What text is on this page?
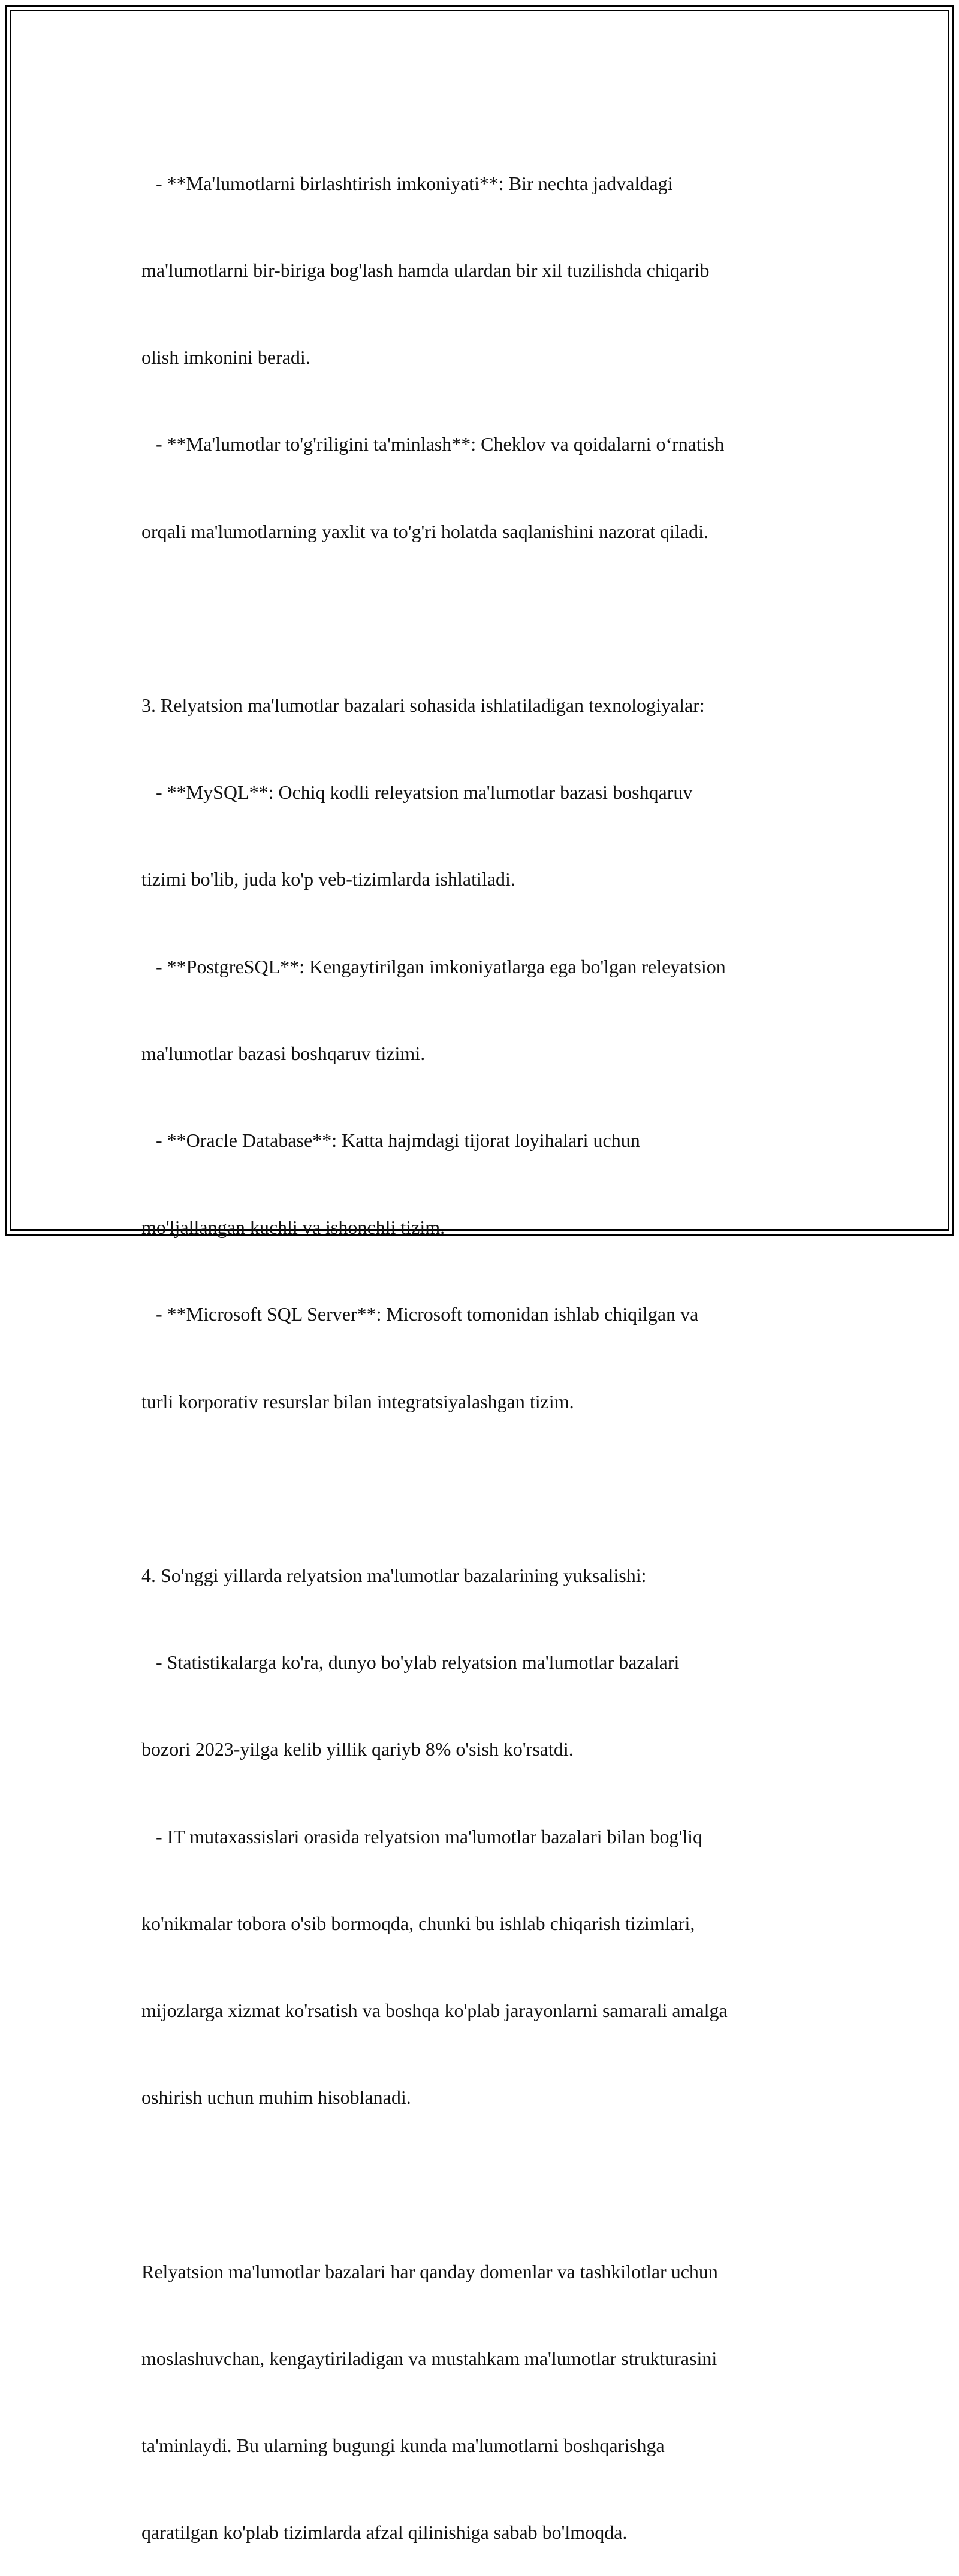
- **Ma'lumotlarni birlashtirish imkoniyati**: Bir nechta jadvaldagi

ma'lumotlarni bir-biriga bog'lash hamda ulardan bir xil tuzilishda chiqarib

olish imkonini beradi.

- **Ma'lumotlar to'g'riligini ta'minlash**: Cheklov va qoidalarni o‘rnatish

orqali ma'lumotlarning yaxlit va to'g'ri holatda saqlanishini nazorat qiladi.

3. Relyatsion ma'lumotlar bazalari sohasida ishlatiladigan texnologiyalar:

- **MySQL**: Ochiq kodli releyatsion ma'lumotlar bazasi boshqaruv

tizimi bo'lib, juda ko'p veb-tizimlarda ishlatiladi.

- **PostgreSQL**: Kengaytirilgan imkoniyatlarga ega bo'lgan releyatsion

ma'lumotlar bazasi boshqaruv tizimi.

- **Oracle Database**: Katta hajmdagi tijorat loyihalari uchun

mo'ljallangan kuchli va ishonchli tizim.

- **Microsoft SQL Server**: Microsoft tomonidan ishlab chiqilgan va

turli korporativ resurslar bilan integratsiyalashgan tizim.

4. So'nggi yillarda relyatsion ma'lumotlar bazalarining yuksalishi:

- Statistikalarga ko'ra, dunyo bo'ylab relyatsion ma'lumotlar bazalari

bozori 2023-yilga kelib yillik qariyb 8% o'sish ko'rsatdi.

- IT mutaxassislari orasida relyatsion ma'lumotlar bazalari bilan bog'liq

ko'nikmalar tobora o'sib bormoqda, chunki bu ishlab chiqarish tizimlari,

mijozlarga xizmat ko'rsatish va boshqa ko'plab jarayonlarni samarali amalga

oshirish uchun muhim hisoblanadi.

Relyatsion ma'lumotlar bazalari har qanday domenlar va tashkilotlar uchun

moslashuvchan, kengaytiriladigan va mustahkam ma'lumotlar strukturasini

ta'minlaydi. Bu ularning bugungi kunda ma'lumotlarni boshqarishga

qaratilgan ko'plab tizimlarda afzal qilinishiga sabab bo'lmoqda.
